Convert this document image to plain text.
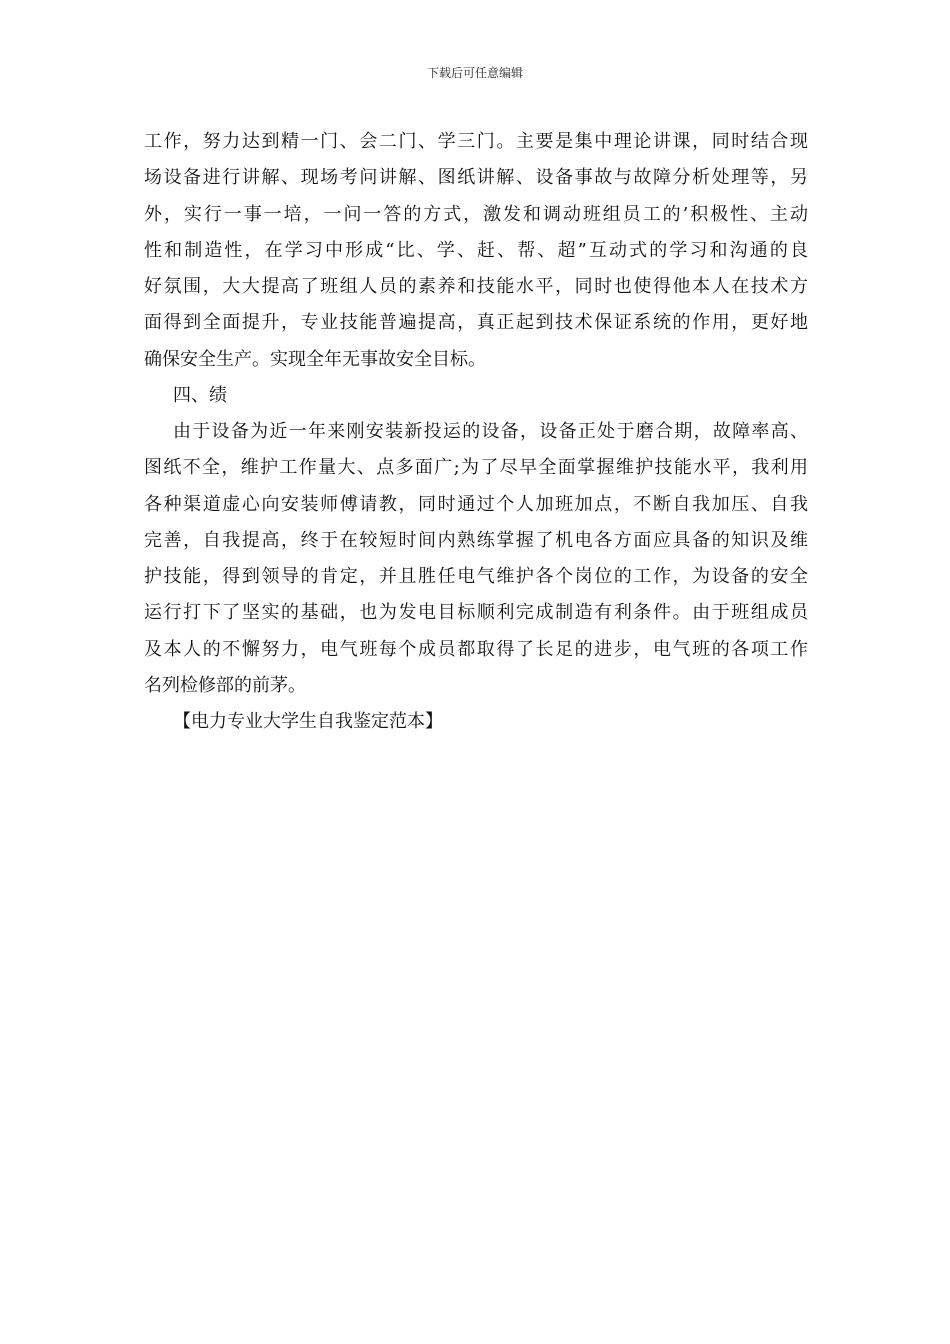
下载后可任意编辑
工作，努力达到精一门、会二门、学三门。主要是集中理论讲课，同时结合现
场设备进行讲解、现场考问讲解、图纸讲解、设备事故与故障分析处理等，另
外，实行一事一培，一问一答的方式，激发和调动班组员工的’积极性、主动
性和制造性，在学习中形成“比、学、赶、帮、超”互动式的学习和沟通的良
好氛围，大大提高了班组人员的素养和技能水平，同时也使得他本人在技术方
面得到全面提升，专业技能普遍提高，真正起到技术保证系统的作用，更好地
确保安全生产。实现全年无事故安全目标。
四、绩
由于设备为近一年来刚安装新投运的设备，设备正处于磨合期，故障率高、
图纸不全，维护工作量大、点多面广;为了尽早全面掌握维护技能水平，我利用
各种渠道虚心向安装师傅请教，同时通过个人加班加点，不断自我加压、自我
完善，自我提高，终于在较短时间内熟练掌握了机电各方面应具备的知识及维
护技能，得到领导的肯定，并且胜任电气维护各个岗位的工作，为设备的安全
运行打下了坚实的基础，也为发电目标顺利完成制造有利条件。由于班组成员
及本人的不懈努力，电气班每个成员都取得了长足的进步，电气班的各项工作
名列检修部的前茅。
【电力专业大学生自我鉴定范本】
